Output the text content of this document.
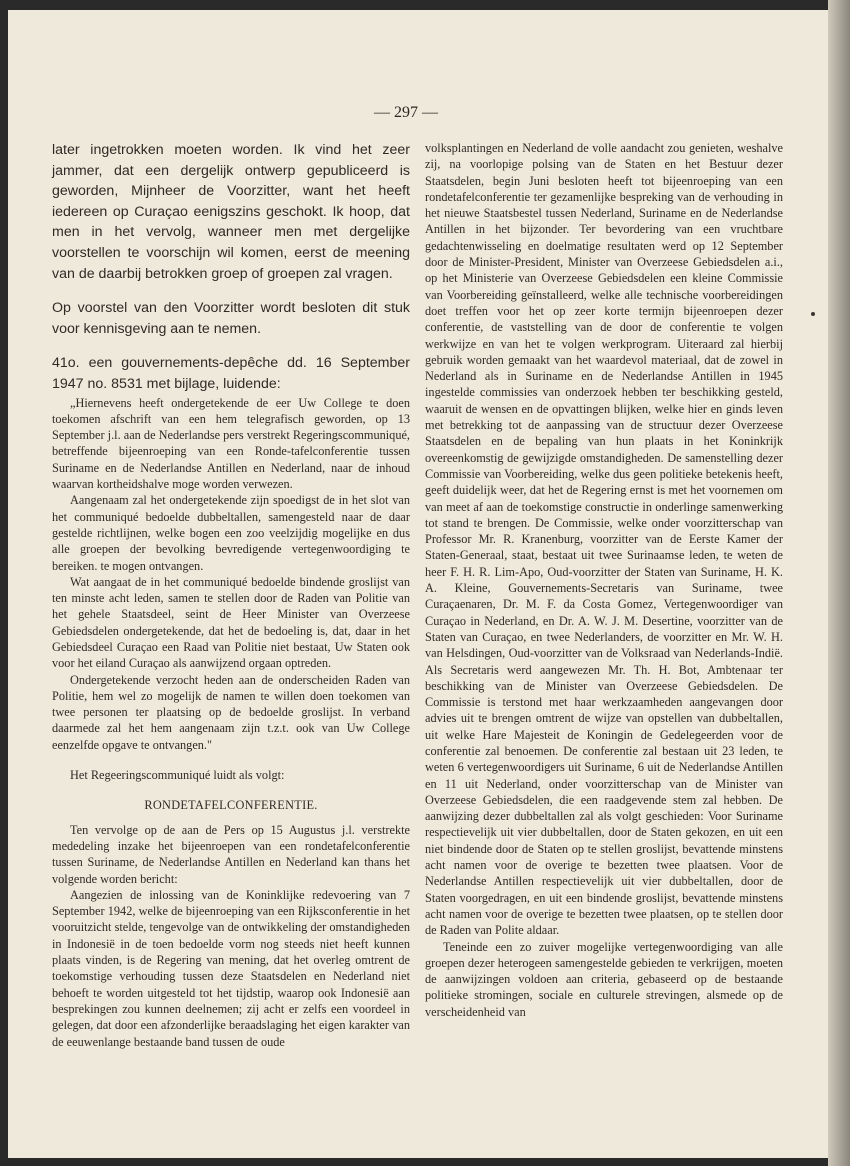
— 297 —

later ingetrokken moeten worden. Ik vind het zeer jammer, dat een dergelijk ontwerp gepubliceerd is geworden, Mijnheer de Voorzitter, want het heeft iedereen op Curaçao eenigszins geschokt. Ik hoop, dat men in het vervolg, wanneer men met dergelijke voorstellen te voorschijn wil komen, eerst de meening van de daarbij betrokken groep of groepen zal vragen.

Op voorstel van den Voorzitter wordt besloten dit stuk voor kennisgeving aan te nemen.

41o. een gouvernements-depêche dd. 16 September 1947 no. 8531 met bijlage, luidende:

„Hiernevens heeft ondergetekende de eer Uw College te doen toekomen afschrift van een hem telegrafisch geworden, op 13 September j.l. aan de Nederlandse pers verstrekt Regeringscommuniqué, betreffende bijeenroeping van een Ronde-tafelconferentie tussen Suriname en de Nederlandse Antillen en Nederland, naar de inhoud waarvan kortheidshalve moge worden verwezen.

Aangenaam zal het ondergetekende zijn spoedigst de in het slot van het communiqué bedoelde dubbeltallen, samengesteld naar de daar gestelde richtlijnen, welke bogen een zoo veelzijdig mogelijke en dus alle groepen der bevolking bevredigende vertegenwoordiging te bereiken. te mogen ontvangen.

Wat aangaat de in het communiqué bedoelde bindende groslijst van ten minste acht leden, samen te stellen door de Raden van Politie van het gehele Staatsdeel, seint de Heer Minister van Overzeese Gebiedsdelen ondergetekende, dat het de bedoeling is, dat, daar in het Gebiedsdeel Curaçao een Raad van Politie niet bestaat, Uw Staten ook voor het eiland Curaçao als aanwijzend orgaan optreden.

Ondergetekende verzocht heden aan de onderscheiden Raden van Politie, hem wel zo mogelijk de namen te willen doen toekomen van twee personen ter plaatsing op de bedoelde groslijst. In verband daarmede zal het hem aangenaam zijn t.z.t. ook van Uw College eenzelfde opgave te ontvangen."

Het Regeeringscommuniqué luidt als volgt:

RONDETAFELCONFERENTIE.

Ten vervolge op de aan de Pers op 15 Augustus j.l. verstrekte mededeling inzake het bijeenroepen van een rondetafelconferentie tussen Suriname, de Nederlandse Antillen en Nederland kan thans het volgende worden bericht:

Aangezien de inlossing van de Koninklijke redevoering van 7 September 1942, welke de bijeenroeping van een Rijksconferentie in het vooruitzicht stelde, tengevolge van de ontwikkeling der omstandigheden in Indonesië in de toen bedoelde vorm nog steeds niet heeft kunnen plaats vinden, is de Regering van mening, dat het overleg omtrent de toekomstige verhouding tussen deze Staatsdelen en Nederland niet behoeft te worden uitgesteld tot het tijdstip, waarop ook Indonesië aan besprekingen zou kunnen deelnemen; zij acht er zelfs een voordeel in gelegen, dat door een afzonderlijke beraadslaging het eigen karakter van de eeuwenlange bestaande band tussen de oude

volksplantingen en Nederland de volle aandacht zou genieten, weshalve zij, na voorlopige polsing van de Staten en het Bestuur dezer Staatsdelen, begin Juni besloten heeft tot bijeenroeping van een rondetafelconferentie ter gezamenlijke bespreking van de verhouding in het nieuwe Staatsbestel tussen Nederland, Suriname en de Nederlandse Antillen in het bijzonder. Ter bevordering van een vruchtbare gedachtenwisseling en doelmatige resultaten werd op 12 September door de Minister-President, Minister van Overzeese Gebiedsdelen a.i., op het Ministerie van Overzeese Gebiedsdelen een kleine Commissie van Voorbereiding geïnstalleerd, welke alle technische voorbereidingen doet treffen voor het op zeer korte termijn bijeenroepen dezer conferentie, de vaststelling van de door de conferentie te volgen werkwijze en van het te volgen werkprogram. Uiteraard zal hierbij gebruik worden gemaakt van het waardevol materiaal, dat de zowel in Nederland als in Suriname en de Nederlandse Antillen in 1945 ingestelde commissies van onderzoek hebben ter beschikking gesteld, waaruit de wensen en de opvattingen blijken, welke hier en ginds leven met betrekking tot de aanpassing van de structuur dezer Overzeese Staatsdelen en de bepaling van hun plaats in het Koninkrijk overeenkomstig de gewijzigde omstandigheden. De samenstelling dezer Commissie van Voorbereiding, welke dus geen politieke betekenis heeft, geeft duidelijk weer, dat het de Regering ernst is met het voornemen om van meet af aan de toekomstige constructie in onderlinge samenwerking tot stand te brengen. De Commissie, welke onder voorzitterschap van Professor Mr. R. Kranenburg, voorzitter van de Eerste Kamer der Staten-Generaal, staat, bestaat uit twee Surinaamse leden, te weten de heer F. H. R. Lim-Apo, Oud-voorzitter der Staten van Suriname, H. K. A. Kleine, Gouvernements-Secretaris van Suriname, twee Curaçaenaren, Dr. M. F. da Costa Gomez, Vertegenwoordiger van Curaçao in Nederland, en Dr. A. W. J. M. Desertine, voorzitter van de Staten van Curaçao, en twee Nederlanders, de voorzitter en Mr. W. H. van Helsdingen, Oud-voorzitter van de Volksraad van Nederlands-Indië. Als Secretaris werd aangewezen Mr. Th. H. Bot, Ambtenaar ter beschikking van de Minister van Overzeese Gebiedsdelen. De Commissie is terstond met haar werkzaamheden aangevangen door advies uit te brengen omtrent de wijze van opstellen van dubbeltallen, uit welke Hare Majesteit de Koningin de Gedelegeerden voor de conferentie zal benoemen. De conferentie zal bestaan uit 23 leden, te weten 6 vertegenwoordigers uit Suriname, 6 uit de Nederlandse Antillen en 11 uit Nederland, onder voorzitterschap van de Minister van Overzeese Gebiedsdelen, die een raadgevende stem zal hebben. De aanwijzing dezer dubbeltallen zal als volgt geschieden: Voor Suriname respectievelijk uit vier dubbeltallen, door de Staten gekozen, en uit een niet bindende door de Staten op te stellen groslijst, bevattende minstens acht namen voor de overige te bezetten twee plaatsen. Voor de Nederlandse Antillen respectievelijk uit vier dubbeltallen, door de Staten voorgedragen, en uit een bindende groslijst, bevattende minstens acht namen voor de overige te bezetten twee plaatsen, op te stellen door de Raden van Polite aldaar.

Teneinde een zo zuiver mogelijke vertegenwoordiging van alle groepen dezer heterogeen samengestelde gebieden te verkrijgen, moeten de aanwijzingen voldoen aan criteria, gebaseerd op de bestaande politieke stromingen, sociale en culturele strevingen, alsmede op de verscheidenheid van
